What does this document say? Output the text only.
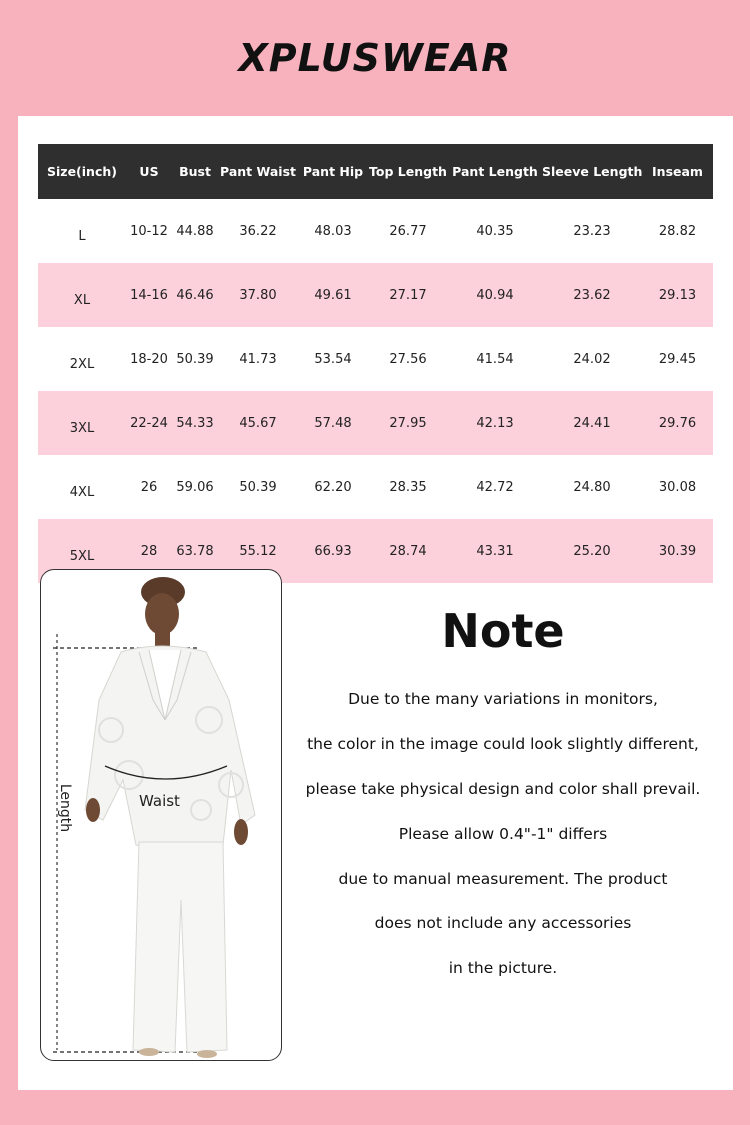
XPLUSWEAR
Size(inch)	US	Bust	Pant Waist	Pant Hip	Top Length	Pant Length	Sleeve Length	Inseam
L	10-12	44.88	36.22	48.03	26.77	40.35	23.23	28.82
XL	14-16	46.46	37.80	49.61	27.17	40.94	23.62	29.13
2XL	18-20	50.39	41.73	53.54	27.56	41.54	24.02	29.45
3XL	22-24	54.33	45.67	57.48	27.95	42.13	24.41	29.76
4XL	26	59.06	50.39	62.20	28.35	42.72	24.80	30.08
5XL	28	63.78	55.12	66.93	28.74	43.31	25.20	30.39
Length	Waist
Note
Due to the many variations in monitors,
the color in the image could look slightly different,
please take physical design and color shall prevail.
Please allow 0.4"-1" differs
due to manual measurement. The product
does not include any accessories
in the picture.
